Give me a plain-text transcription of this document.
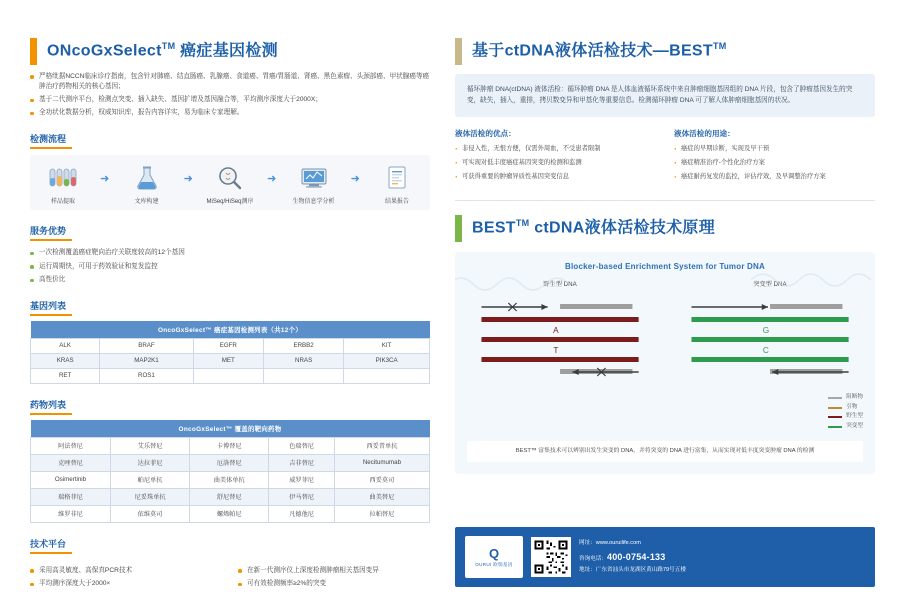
ONcoGxSelect™ 癌症基因检测
严格纰据NCCN临床诊疗指南，包含针对肺癌、结直肠癌、乳腺癌、食道癌、胃癌/胃肠道、肾癌、黑色素瘤、头颈部癌、甲状腺癌等癌肿治疗药物相关的核心基因；
基于二代测序平台，检测点突变、插入缺失、基因扩增及基因融合等，平均测序深度大于2000X；
全功状化数据分析，权威知识库，报告内容详实，易为临床专家理解。
检测流程
样品提取
➜
文库构建
➜
MiSeq/HiSeq测序
➜
生物信息学分析
➜
结果报告
服务优势
一次检测覆盖癌症靶向治疗关联度较高的12个基因
运行周期快，可用于药效验证和复发监控
高性价比
基因列表
OncoGxSelect™ 癌症基因检测列表（共12个）				
ALK	BRAF	EGFR	ERBB2	KIT
KRAS	MAP2K1	MET	NRAS	PIK3CA
RET	ROS1			
药物列表
OncoGxSelect™ 覆盖的靶向药物				
阿法替尼	艾乐替尼	卡博替尼	色瑞替尼	西妥昔单抗
克唑替尼	达拉菲尼	厄洛替尼	吉非替尼	Necitumumab
Osimertinib	帕尼单抗	曲美体单抗	威罗菲尼	西妥莫司
瑞格菲尼	尼妥珠单抗	舒尼替尼	伊马替尼	曲美替尼
维罗非尼	依维莫司	螺烯帕尼	凡德他尼	拉帕替尼
技术平台
采用高灵敏度、高保真PCR技术
平均测序深度大于2000×
在新一代测序仪上深度检测肿瘤相关基因变异
可有效检测频率≥2%的突变
基于ctDNA液体活检技术—BEST™
循环肿瘤 DNA(ctDNA) 液体活检：循环肿瘤 DNA 是人体血液循环系统中来自肿瘤细胞基因组的 DNA 片段，包含了肿瘤基因发生的突变，缺失，插入，重排，拷贝数变异和甲基化等重要信息。检测循环肿瘤 DNA 可了解人体肿瘤细胞基因的状况。
液体活检的优点：
· 非侵入性，无恨方便，仅需外周血，不受患者限制
· 可实现对低丰度癌症基因突变的检测和监测
· 可获得重要的肿瘤异质性基因突变信息
液体活检的用途：
· 癌症的早期诊断，实现及早干预
· 癌症精准治疗-个性化治疗方案
· 癌症耐药复发的监控，评估疗效，及早调整治疗方案
BEST™ ctDNA液体活检技术原理
Blocker-based Enrichment System for Tumor DNA
野生型 DNA
A
T
突变型 DNA
G
C
阻断物
引物
野生型
突变型
BEST™ 富集技术可以辨别出发生突变的 DNA，并将突变的 DNA 进行富集，从而实现对低丰度突变肿瘤 DNA 的检测
Q
OURUI 欧瑞基因
网址：www.ouruilife.com
咨询电话：400-0754-133
地址：广东省汕头市龙湖区黄山路79号五楼
